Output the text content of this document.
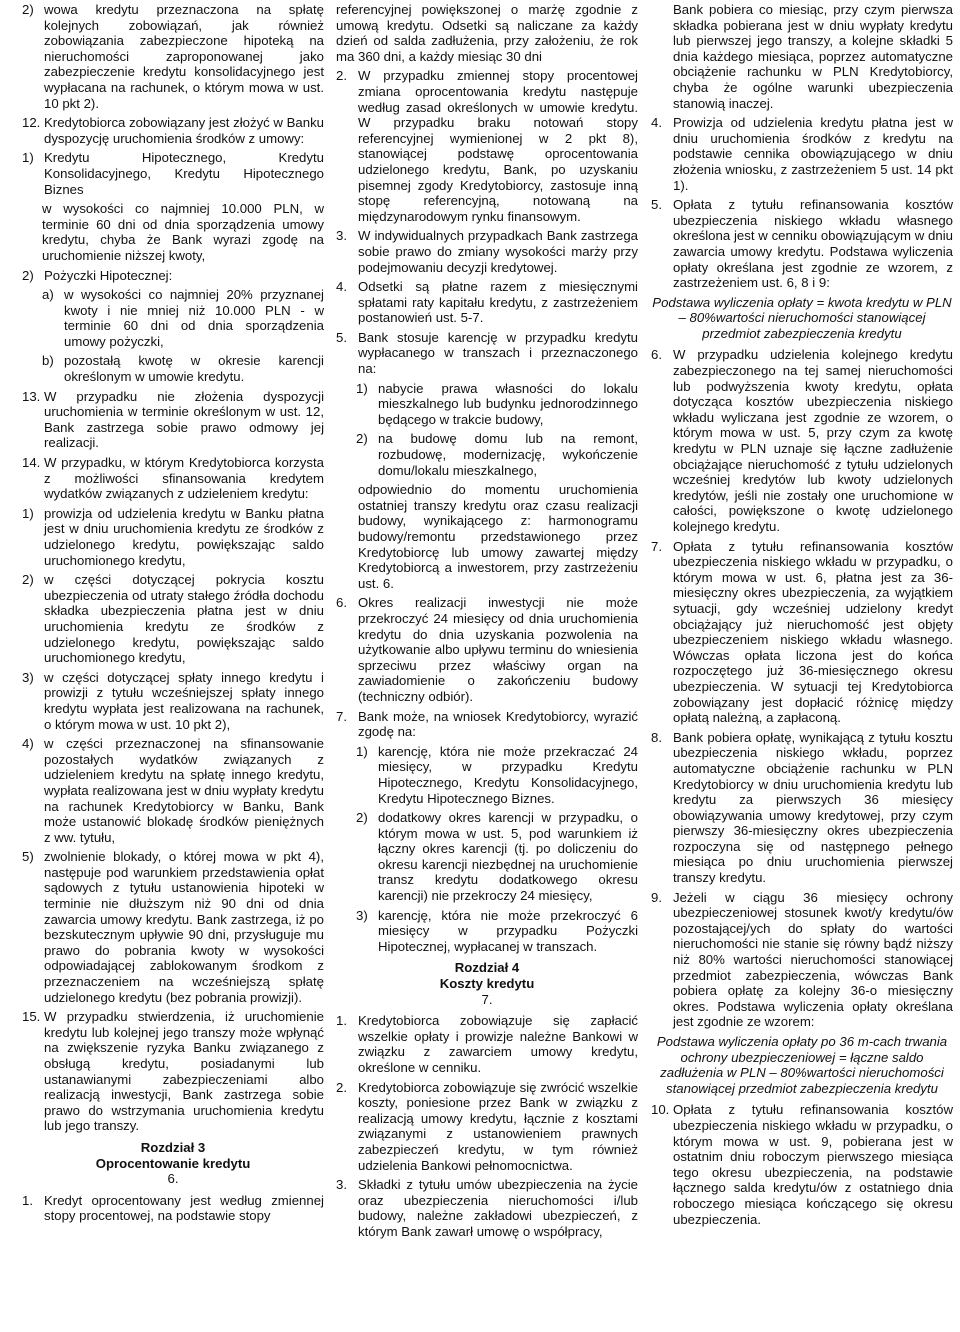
2) wowa kredytu przeznaczona na spłatę kolejnych zobowiązań, jak również zobowiązania zabezpieczone hipoteką na nieruchomości zaproponowanej jako zabezpieczenie kredytu konsolidacyjnego jest wypłacana na rachunek, o którym mowa w ust. 10 pkt 2).
12. Kredytobiorca zobowiązany jest złożyć w Banku dyspozycję uruchomienia środków z umowy:
1) Kredytu Hipotecznego, Kredytu Konsolidacyjnego, Kredytu Hipotecznego Biznes
w wysokości co najmniej 10.000 PLN, w terminie 60 dni od dnia sporządzenia umowy kredytu, chyba że Bank wyrazi zgodę na uruchomienie niższej kwoty,
2) Pożyczki Hipotecznej:
a) w wysokości co najmniej 20% przyznanej kwoty i nie mniej niż 10.000 PLN - w terminie 60 dni od dnia sporządzenia umowy pożyczki,
b) pozostałą kwotę w okresie karencji określonym w umowie kredytu.
13. W przypadku nie złożenia dyspozycji uruchomienia w terminie określonym w ust. 12, Bank zastrzega sobie prawo odmowy jej realizacji.
14. W przypadku, w którym Kredytobiorca korzysta z możliwości sfinansowania kredytem wydatków związanych z udzieleniem kredytu:
1) prowizja od udzielenia kredytu w Banku płatna jest w dniu uruchomienia kredytu ze środków z udzielonego kredytu, powiększając saldo uruchomionego kredytu,
2) w części dotyczącej pokrycia kosztu ubezpieczenia od utraty stałego źródła dochodu składka ubezpieczenia płatna jest w dniu uruchomienia kredytu ze środków z udzielonego kredytu, powiększając saldo uruchomionego kredytu,
3) w części dotyczącej spłaty innego kredytu i prowizji z tytułu wcześniejszej spłaty innego kredytu wypłata jest realizowana na rachunek, o którym mowa w ust. 10 pkt 2),
4) w części przeznaczonej na sfinansowanie pozostałych wydatków związanych z udzieleniem kredytu na spłatę innego kredytu, wypłata realizowana jest w dniu wypłaty kredytu na rachunek Kredytobiorcy w Banku, Bank może ustanowić blokadę środków pieniężnych z ww. tytułu,
5) zwolnienie blokady, o której mowa w pkt 4), następuje pod warunkiem przedstawienia opłat sądowych z tytułu ustanowienia hipoteki w terminie nie dłuższym niż 90 dni od dnia zawarcia umowy kredytu. Bank zastrzega, iż po bezskutecznym upływie 90 dni, przysługuje mu prawo do pobrania kwoty w wysokości odpowiadającej zablokowanym środkom z przeznaczeniem na wcześniejszą spłatę udzielonego kredytu (bez pobrania prowizji).
15. W przypadku stwierdzenia, iż uruchomienie kredytu lub kolejnej jego transzy może wpłynąć na zwiększenie ryzyka Banku związanego z obsługą kredytu, posiadanymi lub ustanawianymi zabezpieczeniami albo realizacją inwestycji, Bank zastrzega sobie prawo do wstrzymania uruchomienia kredytu lub jego transzy.
Rozdział 3
Oprocentowanie kredytu
6.
1. Kredyt oprocentowany jest według zmiennej stopy procentowej, na podstawie stopy
referencyjnej powiększonej o marżę zgodnie z umową kredytu. Odsetki są naliczane za każdy dzień od salda zadłużenia, przy założeniu, że rok ma 360 dni, a każdy miesiąc 30 dni
2. W przypadku zmiennej stopy procentowej zmiana oprocentowania kredytu następuje według zasad określonych w umowie kredytu. W przypadku braku notowań stopy referencyjnej wymienionej w 2 pkt 8), stanowiącej podstawę oprocentowania udzielonego kredytu, Bank, po uzyskaniu pisemnej zgody Kredytobiorcy, zastosuje inną stopę referencyjną, notowaną na międzynarodowym rynku finansowym.
3. W indywidualnych przypadkach Bank zastrzega sobie prawo do zmiany wysokości marży przy podejmowaniu decyzji kredytowej.
4. Odsetki są płatne razem z miesięcznymi spłatami raty kapitału kredytu, z zastrzeżeniem postanowień ust. 5-7.
5. Bank stosuje karencję w przypadku kredytu wypłacanego w transzach i przeznaczonego na:
1) nabycie prawa własności do lokalu mieszkalnego lub budynku jednorodzinnego będącego w trakcie budowy,
2) na budowę domu lub na remont, rozbudowę, modernizację, wykończenie domu/lokalu mieszkalnego,
odpowiednio do momentu uruchomienia ostatniej transzy kredytu oraz czasu realizacji budowy, wynikającego z: harmonogramu budowy/remontu przedstawionego przez Kredytobiorcę lub umowy zawartej między Kredytobiorcą a inwestorem, przy zastrzeżeniu ust. 6.
6. Okres realizacji inwestycji nie może przekroczyć 24 miesięcy od dnia uruchomienia kredytu do dnia uzyskania pozwolenia na użytkowanie albo upływu terminu do wniesienia sprzeciwu przez właściwy organ na zawiadomienie o zakończeniu budowy (techniczny odbiór).
7. Bank może, na wniosek Kredytobiorcy, wyrazić zgodę na:
1) karencję, która nie może przekraczać 24 miesięcy, w przypadku Kredytu Hipotecznego, Kredytu Konsolidacyjnego, Kredytu Hipotecznego Biznes.
2) dodatkowy okres karencji w przypadku, o którym mowa w ust. 5, pod warunkiem iż łączny okres karencji (tj. po doliczeniu do okresu karencji niezbędnej na uruchomienie transz kredytu dodatkowego okresu karencji) nie przekroczy 24 miesięcy,
3) karencję, która nie może przekroczyć 6 miesięcy w przypadku Pożyczki Hipotecznej, wypłacanej w transzach.
Rozdział 4
Koszty kredytu
7.
1. Kredytobiorca zobowiązuje się zapłacić wszelkie opłaty i prowizje należne Bankowi w związku z zawarciem umowy kredytu, określone w cenniku.
2. Kredytobiorca zobowiązuje się zwrócić wszelkie koszty, poniesione przez Bank w związku z realizacją umowy kredytu, łącznie z kosztami związanymi z ustanowieniem prawnych zabezpieczeń kredytu, w tym również udzielenia Bankowi pełnomocnictwa.
3. Składki z tytułu umów ubezpieczenia na życie oraz ubezpieczenia nieruchomości i/lub budowy, należne zakładowi ubezpieczeń, z którym Bank zawarł umowę o współpracy,
Bank pobiera co miesiąc, przy czym pierwsza składka pobierana jest w dniu wypłaty kredytu lub pierwszej jego transzy, a kolejne składki 5 dnia każdego miesiąca, poprzez automatyczne obciążenie rachunku w PLN Kredytobiorcy, chyba że ogólne warunki ubezpieczenia stanowią inaczej.
4. Prowizja od udzielenia kredytu płatna jest w dniu uruchomienia środków z kredytu na podstawie cennika obowiązującego w dniu złożenia wniosku, z zastrzeżeniem 5 ust. 14 pkt 1).
5. Opłata z tytułu refinansowania kosztów ubezpieczenia niskiego wkładu własnego określona jest w cenniku obowiązującym w dniu zawarcia umowy kredytu. Podstawa wyliczenia opłaty określana jest zgodnie ze wzorem, z zastrzeżeniem ust. 6, 8 i 9:
Podstawa wyliczenia opłaty = kwota kredytu w PLN – 80%wartości nieruchomości stanowiącej przedmiot zabezpieczenia kredytu
6. W przypadku udzielenia kolejnego kredytu zabezpieczonego na tej samej nieruchomości lub podwyższenia kwoty kredytu, opłata dotycząca kosztów ubezpieczenia niskiego wkładu wyliczana jest zgodnie ze wzorem, o którym mowa w ust. 5, przy czym za kwotę kredytu w PLN uznaje się łączne zadłużenie obciążające nieruchomość z tytułu udzielonych wcześniej kredytów lub kwoty udzielonych kredytów, jeśli nie zostały one uruchomione w całości, powiększone o kwotę udzielonego kolejnego kredytu.
7. Opłata z tytułu refinansowania kosztów ubezpieczenia niskiego wkładu w przypadku, o którym mowa w ust. 6, płatna jest za 36-miesięczny okres ubezpieczenia, za wyjątkiem sytuacji, gdy wcześniej udzielony kredyt obciążający już nieruchomość jest objęty ubezpieczeniem niskiego wkładu własnego. Wówczas opłata liczona jest do końca rozpoczętego już 36-miesięcznego okresu ubezpieczenia. W sytuacji tej Kredytobiorca zobowiązany jest dopłacić różnicę między opłatą należną, a zapłaconą.
8. Bank pobiera opłatę, wynikającą z tytułu kosztu ubezpieczenia niskiego wkładu, poprzez automatyczne obciążenie rachunku w PLN Kredytobiorcy w dniu uruchomienia kredytu lub kredytu za pierwszych 36 miesięcy obowiązywania umowy kredytowej, przy czym pierwszy 36-miesięczny okres ubezpieczenia rozpoczyna się od następnego pełnego miesiąca po dniu uruchomienia pierwszej transzy kredytu.
9. Jeżeli w ciągu 36 miesięcy ochrony ubezpieczeniowej stosunek kwot/y kredytu/ów pozostającej/ych do spłaty do wartości nieruchomości nie stanie się równy bądź niższy niż 80% wartości nieruchomości stanowiącej przedmiot zabezpieczenia, wówczas Bank pobiera opłatę za kolejny 36-o miesięczny okres. Podstawa wyliczenia opłaty określana jest zgodnie ze wzorem:
Podstawa wyliczenia opłaty po 36 m-cach trwania ochrony ubezpieczeniowej = łączne saldo zadłużenia w PLN – 80%wartości nieruchomości stanowiącej przedmiot zabezpieczenia kredytu
10. Opłata z tytułu refinansowania kosztów ubezpieczenia niskiego wkładu w przypadku, o którym mowa w ust. 9, pobierana jest w ostatnim dniu roboczym pierwszego miesiąca tego okresu ubezpieczenia, na podstawie łącznego salda kredytu/ów z ostatniego dnia roboczego miesiąca kończącego się okresu ubezpieczenia.
